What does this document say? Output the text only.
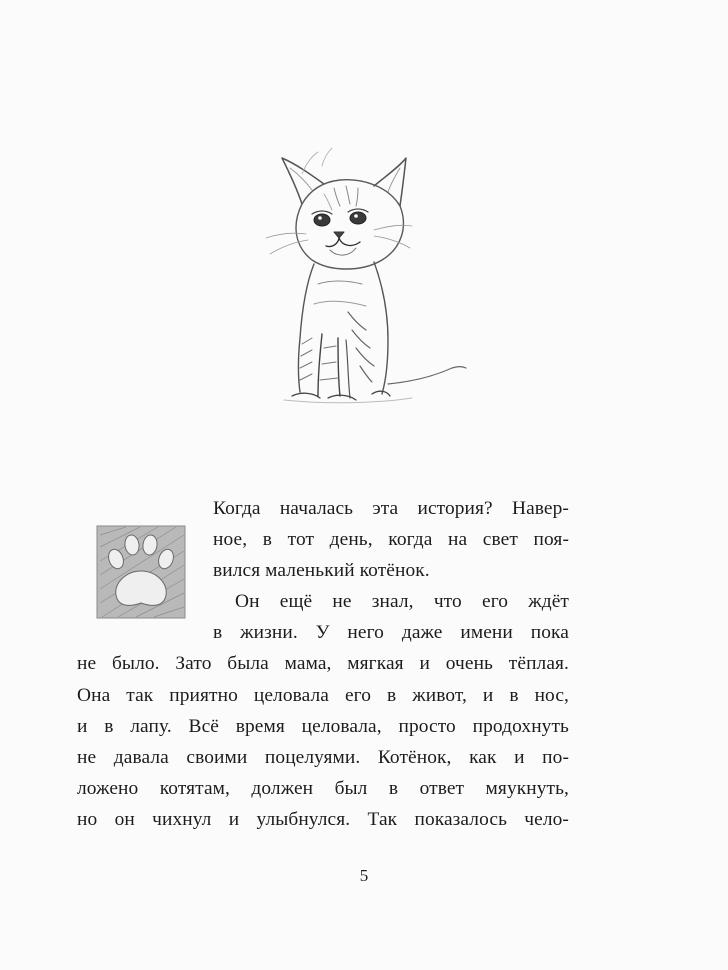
Когда началась эта история? Навер-
ное, в тот день, когда на свет поя-
вился маленький котёнок.
Он ещё не знал, что его ждёт
в жизни. У него даже имени пока
не было. Зато была мама, мягкая и очень тёплая.
Она так приятно целовала его в живот, и в нос,
и в лапу. Всё время целовала, просто продохнуть
не давала своими поцелуями. Котёнок, как и по-
ложено котятам, должен был в ответ мяукнуть,
но он чихнул и улыбнулся. Так показалось чело-
5
